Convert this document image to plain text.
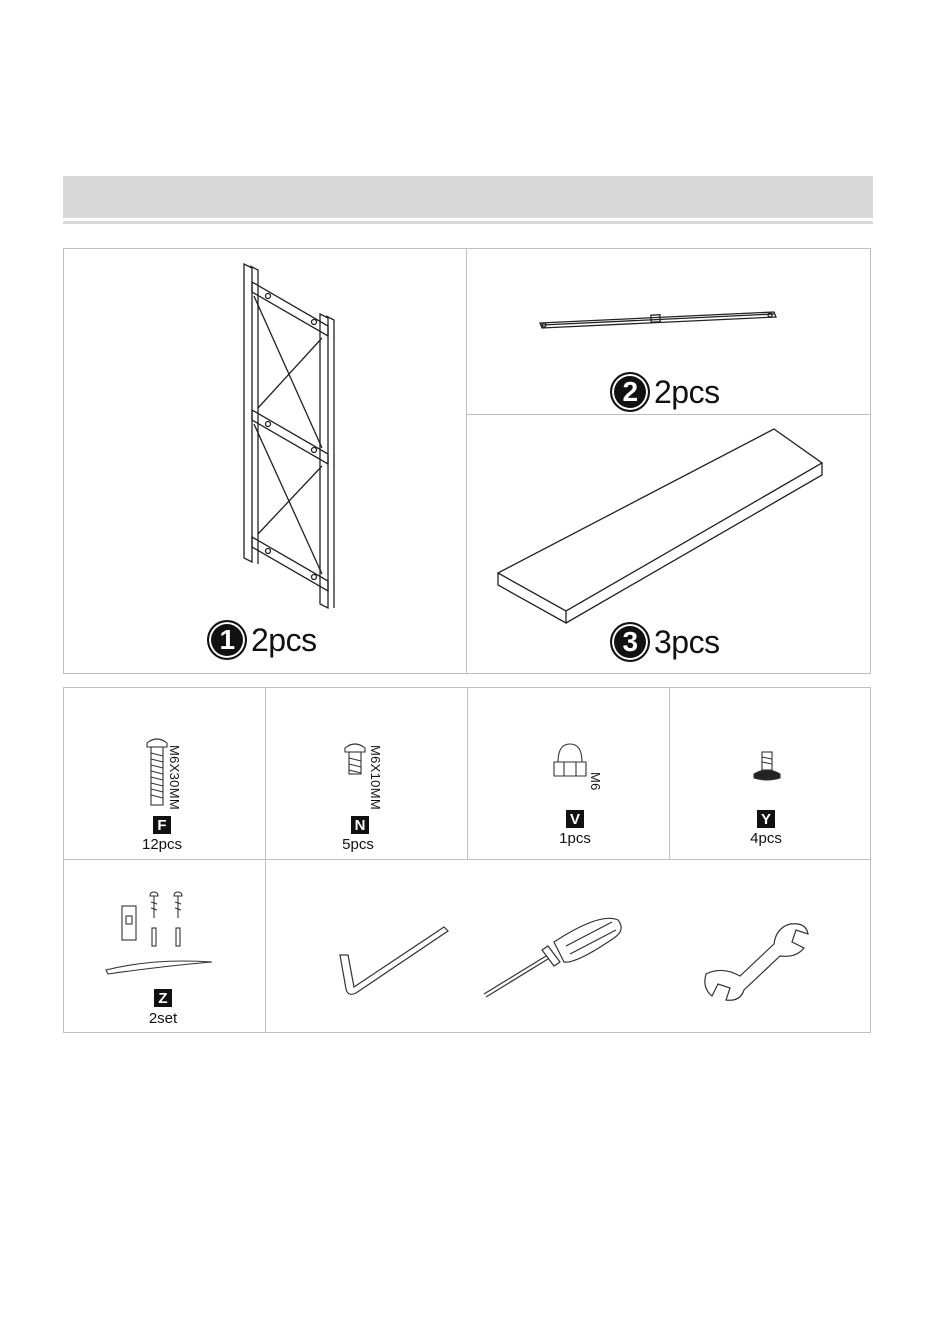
1 2pcs
2 2pcs
3 3pcs
M6X30MM
F
12pcs
M6X10MM
N
5pcs
M6
V
1pcs
Y
4pcs
Z
2set
